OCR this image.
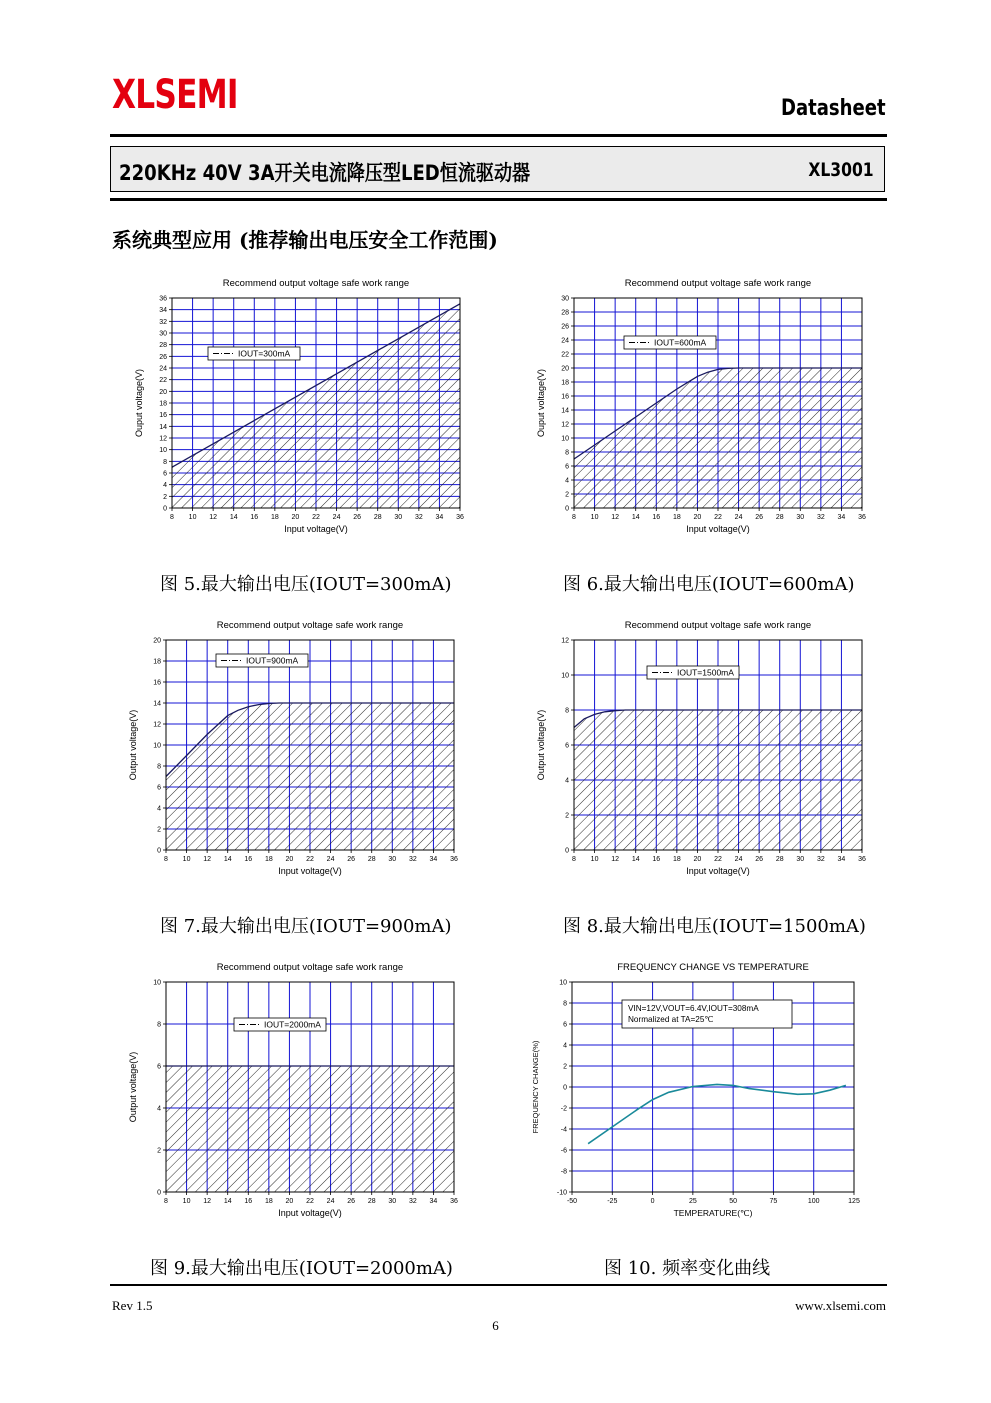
XLSEMI	Datasheet
220KHz 40V 3A开关电流降压型LED恒流驱动器	XL3001
系统典型应用 (推荐输出电压安全工作范围)
Recommend output voltage safe work range
8 10 12 14 16 18 20 22 24 26 28 30 32 34 36
0
2
4
6
8
10
12
14
16
18
20
22
24
26
28
30
32
34
36
Input voltage(V)
Ouput voltage(V)
IOUT=300mA
Recommend output voltage safe work range
8 10 12 14 16 18 20 22 24 26 28 30 32 34 36
0
2
4
6
8
10
12
14
16
18
20
22
24
26
28
30
Input voltage(V)
Ouput voltage(V)
IOUT=600mA
Recommend output voltage safe work range
8 10 12 14 16 18 20 22 24 26 28 30 32 34 36
0
2
4
6
8
10
12
14
16
18
20
Input voltage(V)
Output voltage(V)
IOUT=900mA
Recommend output voltage safe work range
8 10 12 14 16 18 20 22 24 26 28 30 32 34 36
0
2
4
6
8
10
12
Input voltage(V)
Output voltage(V)
IOUT=1500mA
Recommend output voltage safe work range
8 10 12 14 16 18 20 22 24 26 28 30 32 34 36
0
2
4
6
8
10
Input voltage(V)
Output voltage(V)
IOUT=2000mA
FREQUENCY CHANGE VS TEMPERATURE
-50	-25	0	25	50	75	100	125
-10
-8
-6
-4
-2
0
2
4
6
8
10
TEMPERATURE(℃)
FREQUENCY CHANGE(%)
VIN=12V,VOUT=6.4V,IOUT=308mA
Normalized at TA=25℃
图 5.最大输出电压(IOUT=300mA)	图 6.最大输出电压(IOUT=600mA)
图 7.最大输出电压(IOUT=900mA)	图 8.最大输出电压(IOUT=1500mA)
图 9.最大输出电压(IOUT=2000mA)	图 10. 频率变化曲线
Rev 1.5	www.xlsemi.com
6
